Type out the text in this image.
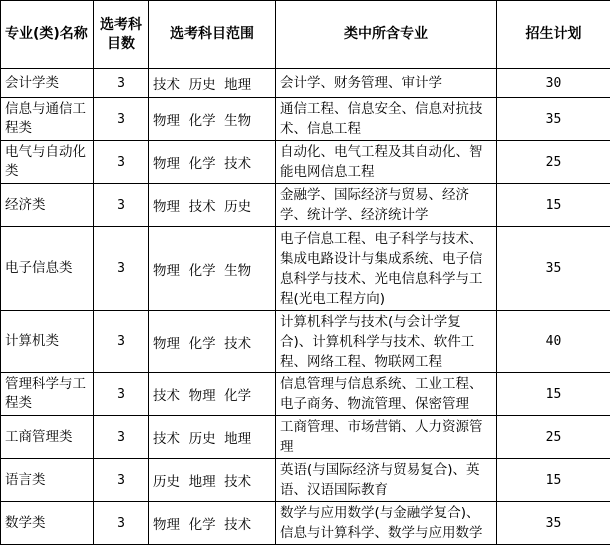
专业(类)名称	选考科目数	选考科目范围	类中所含专业	招生计划
会计学类	3	技术  历史  地理	会计学、财务管理、审计学	30
信息与通信工程类	3	物理  化学  生物	通信工程、信息安全、信息对抗技术、信息工程	35
电气与自动化类	3	物理  化学  技术	自动化、电气工程及其自动化、智能电网信息工程	25
经济类	3	物理  技术  历史	金融学、国际经济与贸易、经济学、统计学、经济统计学	15
电子信息类	3	物理  化学  生物	电子信息工程、电子科学与技术、集成电路设计与集成系统、电子信息科学与技术、光电信息科学与工程(光电工程方向)	35
计算机类	3	物理  化学  技术	计算机科学与技术(与会计学复合)、计算机科学与技术、软件工程、网络工程、物联网工程	40
管理科学与工程类	3	技术  物理  化学	信息管理与信息系统、工业工程、电子商务、物流管理、保密管理	15
工商管理类	3	技术  历史  地理	工商管理、市场营销、人力资源管理	25
语言类	3	历史  地理  技术	英语(与国际经济与贸易复合)、英语、汉语国际教育	15
数学类	3	物理  化学  技术	数学与应用数学(与金融学复合)、信息与计算科学、数学与应用数学	35
